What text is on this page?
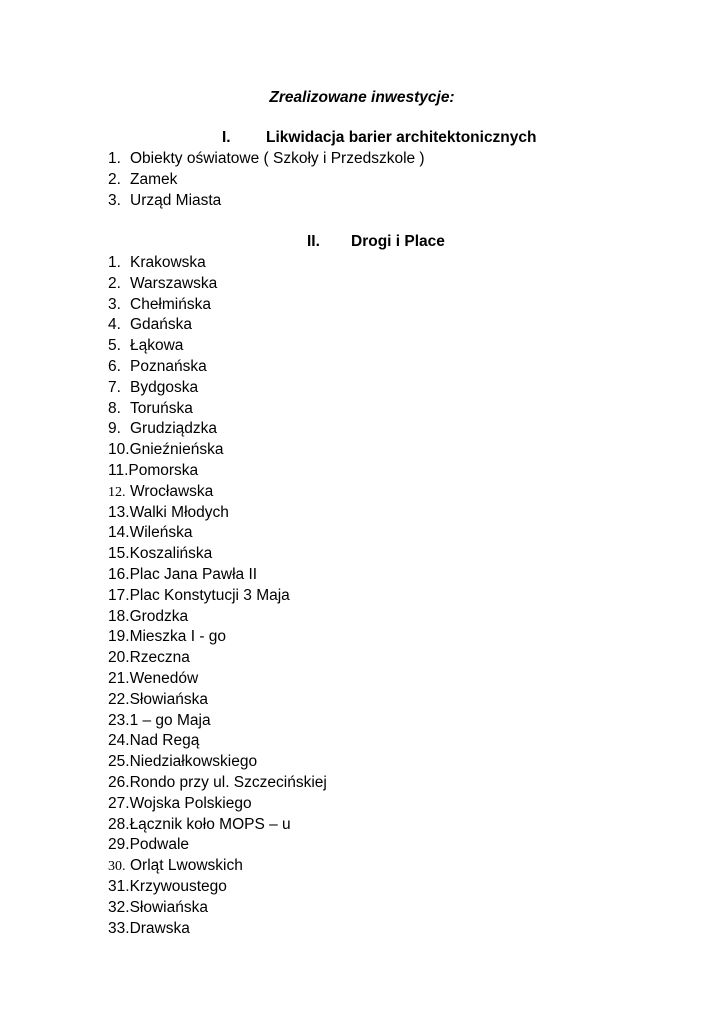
Zrealizowane inwestycje:
I. Likwidacja barier architektonicznych
1. Obiekty oświatowe ( Szkoły i Przedszkole )
2. Zamek
3. Urząd Miasta
II. Drogi i Place
1. Krakowska
2. Warszawska
3. Chełmińska
4. Gdańska
5. Łąkowa
6. Poznańska
7. Bydgoska
8. Toruńska
9. Grudziądzka
10.Gnieźnieńska
11.Pomorska
12. Wrocławska
13.Walki Młodych
14.Wileńska
15.Koszalińska
16.Plac Jana Pawła II
17.Plac Konstytucji 3 Maja
18.Grodzka
19.Mieszka I - go
20.Rzeczna
21.Wenedów
22.Słowiańska
23.1 – go Maja
24.Nad Regą
25.Niedziałkowskiego
26.Rondo przy ul. Szczecińskiej
27.Wojska Polskiego
28.Łącznik koło MOPS – u
29.Podwale
30. Orląt Lwowskich
31.Krzywoustego
32.Słowiańska
33.Drawska
